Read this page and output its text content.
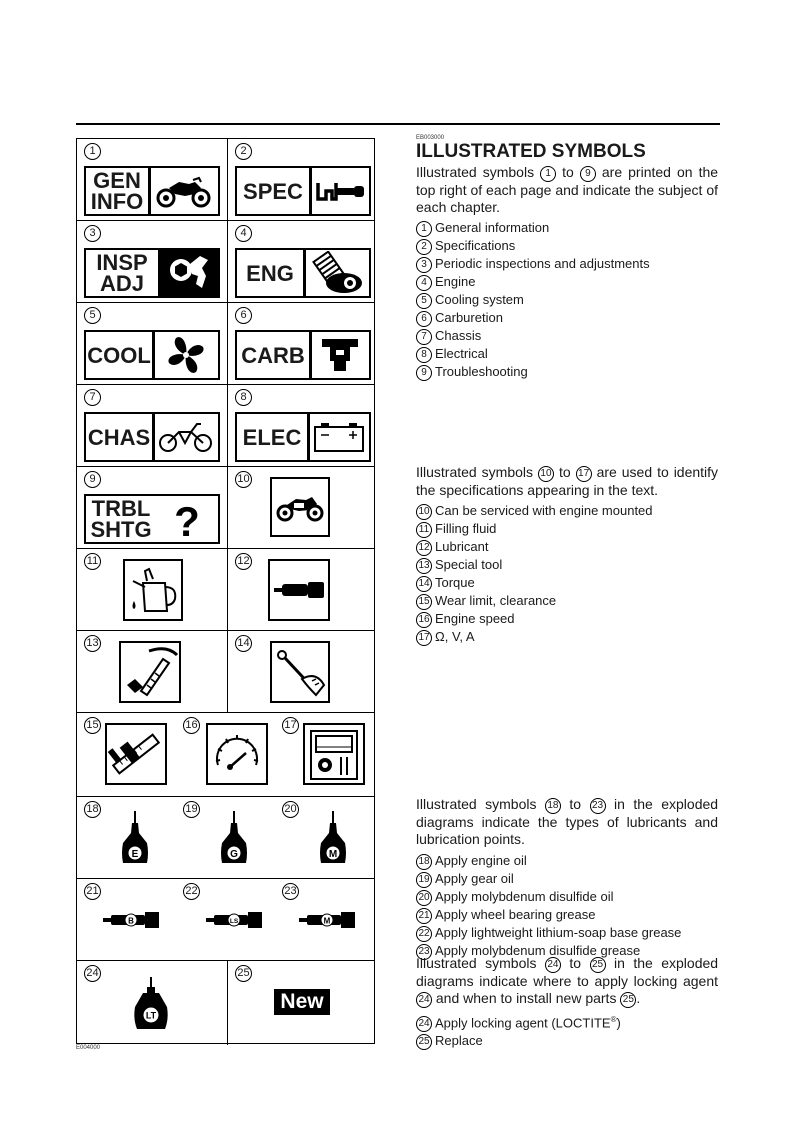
1
GEN
INFO
2
SPEC
3
INSP
ADJ
4
ENG
5
COOL
6
CARB
7
CHAS
8
ELEC
9
TRBL
SHTG ?
10
11	12
13	14
15	16	17
18
E
19
G
20
M
21
B
22
LS
23
M
24
LT
25
New
E004000
EB003000
ILLUSTRATED SYMBOLS
Illustrated symbols 1 to 9 are printed on the top right of each page and indicate the subject of each chapter.
1 General information
2 Specifications
3 Periodic inspections and adjustments
4 Engine
5 Cooling system
6 Carburetion
7 Chassis
8 Electrical
9 Troubleshooting
Illustrated symbols 10 to 17 are used to identify the specifications appearing in the text.
10 Can be serviced with engine mounted
11 Filling fluid
12 Lubricant
13 Special tool
14 Torque
15 Wear limit, clearance
16 Engine speed
17 Ω, V, A
Illustrated symbols 18 to 23 in the exploded diagrams indicate the types of lubricants and lubrication points.
18 Apply engine oil
19 Apply gear oil
20 Apply molybdenum disulfide oil
21 Apply wheel bearing grease
22 Apply lightweight lithium-soap base grease
23 Apply molybdenum disulfide grease
Illustrated symbols 24 to 25 in the exploded diagrams indicate where to apply locking agent 24 and when to install new parts 25 .
24 Apply locking agent (LOCTITE®)
25 Replace
